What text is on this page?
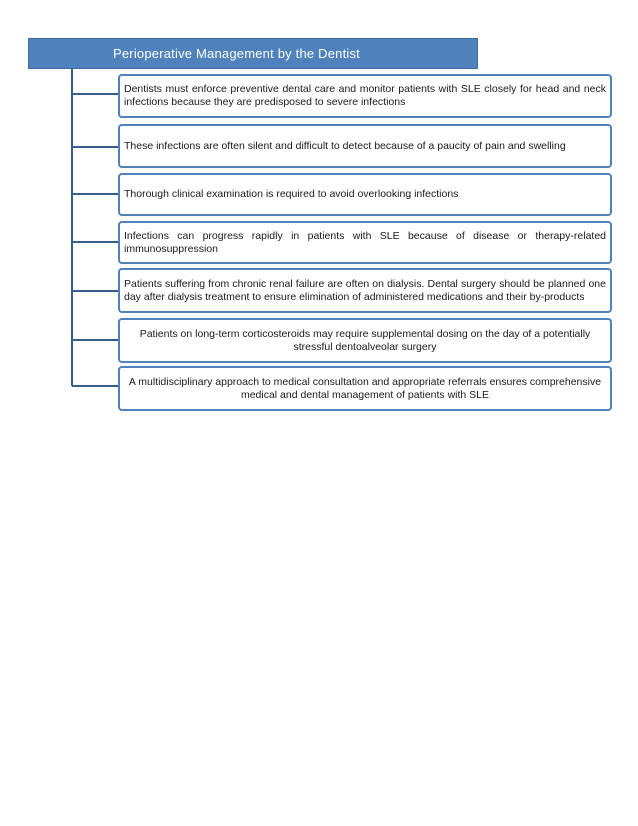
Perioperative Management by the Dentist
Dentists must enforce preventive dental care and monitor patients with SLE closely for head and neck infections because they are predisposed to severe infections
These infections are often silent and difficult to detect because of a paucity of pain and swelling
Thorough clinical examination is required to avoid overlooking infections
Infections can progress rapidly in patients with SLE because of disease or therapy-related immunosuppression
Patients suffering from chronic renal failure are often on dialysis. Dental surgery should be planned one day after dialysis treatment to ensure elimination of administered medications and their by-products
Patients on long-term corticosteroids may require supplemental dosing on the day of a potentially stressful dentoalveolar surgery
A multidisciplinary approach to medical consultation and appropriate referrals ensures comprehensive medical and dental management of patients with SLE
